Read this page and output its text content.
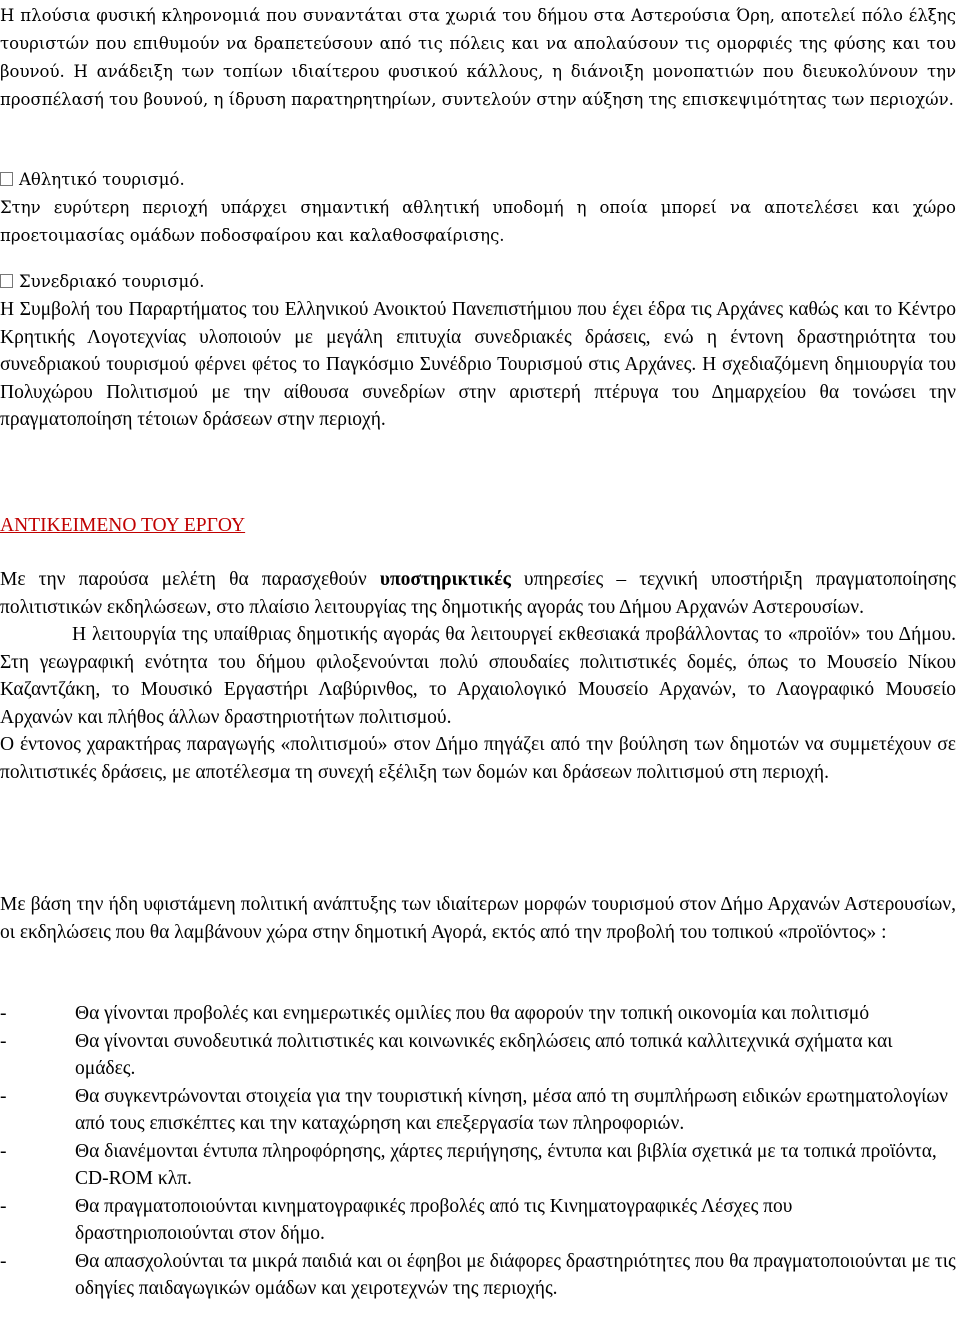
Η πλούσια φυσική κληρονομιά που συναντάται στα χωριά του δήμου στα Αστερούσια Όρη, αποτελεί πόλο έλξης τουριστών που επιθυμούν να δραπετεύσουν από τις πόλεις και να απολαύσουν τις ομορφιές της φύσης και του βουνού. Η ανάδειξη των τοπίων ιδιαίτερου φυσικού κάλλους, η διάνοιξη μονοπατιών που διευκολύνουν την προσπέλασή του βουνού, η ίδρυση παρατηρητηρίων, συντελούν στην αύξηση της επισκεψιμότητας των περιοχών.

Αθλητικό τουρισμό.

Στην ευρύτερη περιοχή υπάρχει σημαντική αθλητική υποδομή η οποία μπορεί να αποτελέσει και χώρο προετοιμασίας ομάδων ποδοσφαίρου και καλαθοσφαίρισης.

Συνεδριακό τουρισμό.

Η Συμβολή του Παραρτήματος του Ελληνικού Ανοικτού Πανεπιστήμιου που έχει έδρα τις Αρχάνες καθώς και το Κέντρο Κρητικής Λογοτεχνίας υλοποιούν με μεγάλη επιτυχία συνεδριακές δράσεις, ενώ η έντονη δραστηριότητα του συνεδριακού τουρισμού φέρνει φέτος το Παγκόσμιο Συνέδριο Τουρισμού στις Αρχάνες. Η σχεδιαζόμενη δημιουργία του Πολυχώρου Πολιτισμού με την αίθουσα συνεδρίων στην αριστερή πτέρυγα του Δημαρχείου θα τονώσει την πραγματοποίηση τέτοιων δράσεων στην περιοχή.

ΑΝΤΙΚΕΙΜΕΝΟ ΤΟΥ ΕΡΓΟΥ

Με την παρούσα μελέτη θα παρασχεθούν υποστηρικτικές υπηρεσίες – τεχνική υποστήριξη πραγματοποίησης πολιτιστικών εκδηλώσεων, στο πλαίσιο λειτουργίας της δημοτικής αγοράς του Δήμου Αρχανών Αστερουσίων.

Η λειτουργία της υπαίθριας δημοτικής αγοράς θα λειτουργεί εκθεσιακά προβάλλοντας το «προϊόν» του Δήμου. Στη γεωγραφική ενότητα του δήμου φιλοξενούνται πολύ σπουδαίες πολιτιστικές δομές, όπως το Μουσείο Νίκου Καζαντζάκη, το Μουσικό Εργαστήρι Λαβύρινθος, το Αρχαιολογικό Μουσείο Αρχανών, το Λαογραφικό Μουσείο Αρχανών και πλήθος άλλων δραστηριοτήτων πολιτισμού.

Ο έντονος χαρακτήρας παραγωγής «πολιτισμού» στον Δήμο πηγάζει από την βούληση των δημοτών να συμμετέχουν σε πολιτιστικές δράσεις, με αποτέλεσμα τη συνεχή εξέλιξη των δομών και δράσεων πολιτισμού στη περιοχή.

Με βάση την ήδη υφιστάμενη πολιτική ανάπτυξης των ιδιαίτερων μορφών τουρισμού στον Δήμο Αρχανών Αστερουσίων, οι εκδηλώσεις που θα λαμβάνουν χώρα στην δημοτική Αγορά, εκτός από την προβολή του τοπικού «προϊόντος» :

-	Θα γίνονται προβολές και ενημερωτικές ομιλίες που θα αφορούν την τοπική οικονομία και πολιτισμό
-	Θα γίνονται συνοδευτικά πολιτιστικές και κοινωνικές εκδηλώσεις από τοπικά καλλιτεχνικά σχήματα και ομάδες.
-	Θα συγκεντρώνονται στοιχεία για την τουριστική κίνηση, μέσα από τη συμπλήρωση ειδικών ερωτηματολογίων από τους επισκέπτες και την καταχώρηση και επεξεργασία των πληροφοριών.
-	Θα διανέμονται έντυπα πληροφόρησης, χάρτες περιήγησης, έντυπα και βιβλία σχετικά με τα τοπικά προϊόντα, CD-ROM κλπ.
-	Θα πραγματοποιούνται κινηματογραφικές προβολές από τις Κινηματογραφικές Λέσχες που δραστηριοποιούνται στον δήμο.
-	Θα απασχολούνται τα μικρά παιδιά και οι έφηβοι με διάφορες δραστηριότητες που θα πραγματοποιούνται με τις οδηγίες παιδαγωγικών ομάδων και χειροτεχνών της περιοχής.
